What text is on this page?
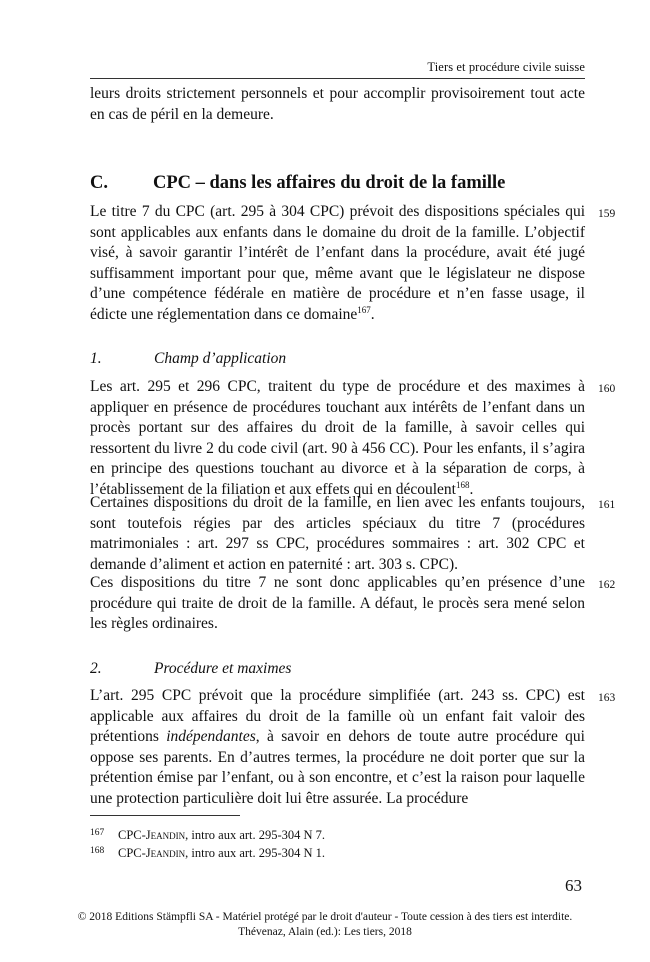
Tiers et procédure civile suisse

leurs droits strictement personnels et pour accomplir provisoirement tout acte en cas de péril en la demeure.

C. CPC – dans les affaires du droit de la famille

Le titre 7 du CPC (art. 295 à 304 CPC) prévoit des dispositions spéciales qui sont applicables aux enfants dans le domaine du droit de la famille. L’objectif visé, à savoir garantir l’intérêt de l’enfant dans la procédure, avait été jugé suffisamment important pour que, même avant que le législateur ne dispose d’une compétence fédérale en matière de procédure et n’en fasse usage, il édicte une réglementation dans ce domaine$^{167}$.

159
1.	Champ d’application

Les art. 295 et 296 CPC, traitent du type de procédure et des maximes à appliquer en présence de procédures touchant aux intérêts de l’enfant dans un procès portant sur des affaires du droit de la famille, à savoir celles qui ressortent du livre 2 du code civil (art. 90 à 456 CC). Pour les enfants, il s’agira en principe des questions touchant au divorce et à la séparation de corps, à l’établissement de la filiation et aux effets qui en découlent$^{168}$.

160

Certaines dispositions du droit de la famille, en lien avec les enfants toujours, sont toutefois régies par des articles spéciaux du titre 7 (procédures matrimoniales : art. 297 ss CPC, procédures sommaires : art. 302 CPC et demande d’aliment et action en paternité : art. 303 s. CPC).

161

Ces dispositions du titre 7 ne sont donc applicables qu’en présence d’une procédure qui traite de droit de la famille. A défaut, le procès sera mené selon les règles ordinaires.

162
2.	Procédure et maximes

L’art. 295 CPC prévoit que la procédure simplifiée (art. 243 ss. CPC) est applicable aux affaires du droit de la famille où un enfant fait valoir des prétentions indépendantes, à savoir en dehors de toute autre procédure qui oppose ses parents. En d’autres termes, la procédure ne doit porter que sur la prétention émise par l’enfant, ou à son encontre, et c’est la raison pour laquelle une protection particulière doit lui être assurée. La procédure

163
167 CPC-Jeandin, intro aux art. 295-304 N 7.
168 CPC-Jeandin, intro aux art. 295-304 N 1.
63
© 2018 Editions Stämpfli SA - Matériel protégé par le droit d'auteur - Toute cession à des tiers est interdite.
Thévenaz, Alain (ed.): Les tiers, 2018
